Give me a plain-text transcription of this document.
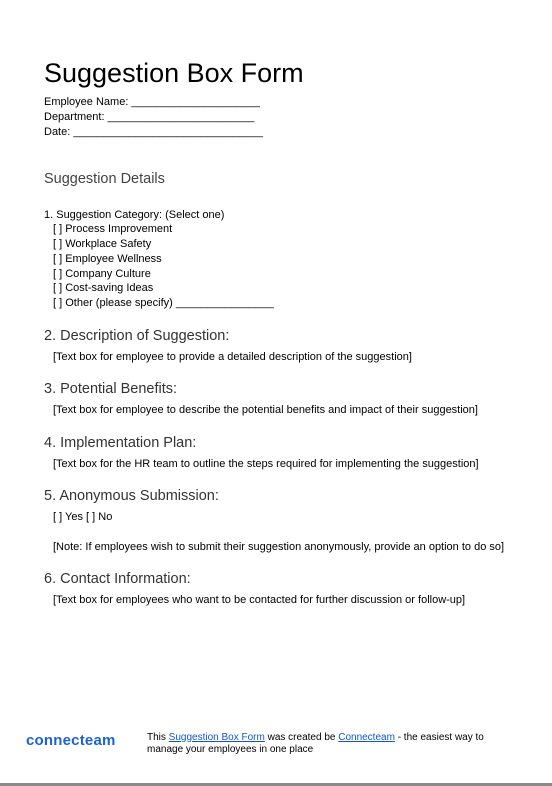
Suggestion Box Form
Employee Name: _____________________
Department: ________________________
Date: _______________________________
Suggestion Details
1. Suggestion Category: (Select one)
[ ] Process Improvement
[ ] Workplace Safety
[ ] Employee Wellness
[ ] Company Culture
[ ] Cost-saving Ideas
[ ] Other (please specify) ________________
2. Description of Suggestion:
[Text box for employee to provide a detailed description of the suggestion]
3. Potential Benefits:
[Text box for employee to describe the potential benefits and impact of their suggestion]
4. Implementation Plan:
[Text box for the HR team to outline the steps required for implementing the suggestion]
5. Anonymous Submission:
[ ] Yes [ ] No
[Note: If employees wish to submit their suggestion anonymously, provide an option to do so]
6. Contact Information:
[Text box for employees who want to be contacted for further discussion or follow-up]
connecteam	This Suggestion Box Form was created be Connecteam - the easiest way to manage your employees in one place
